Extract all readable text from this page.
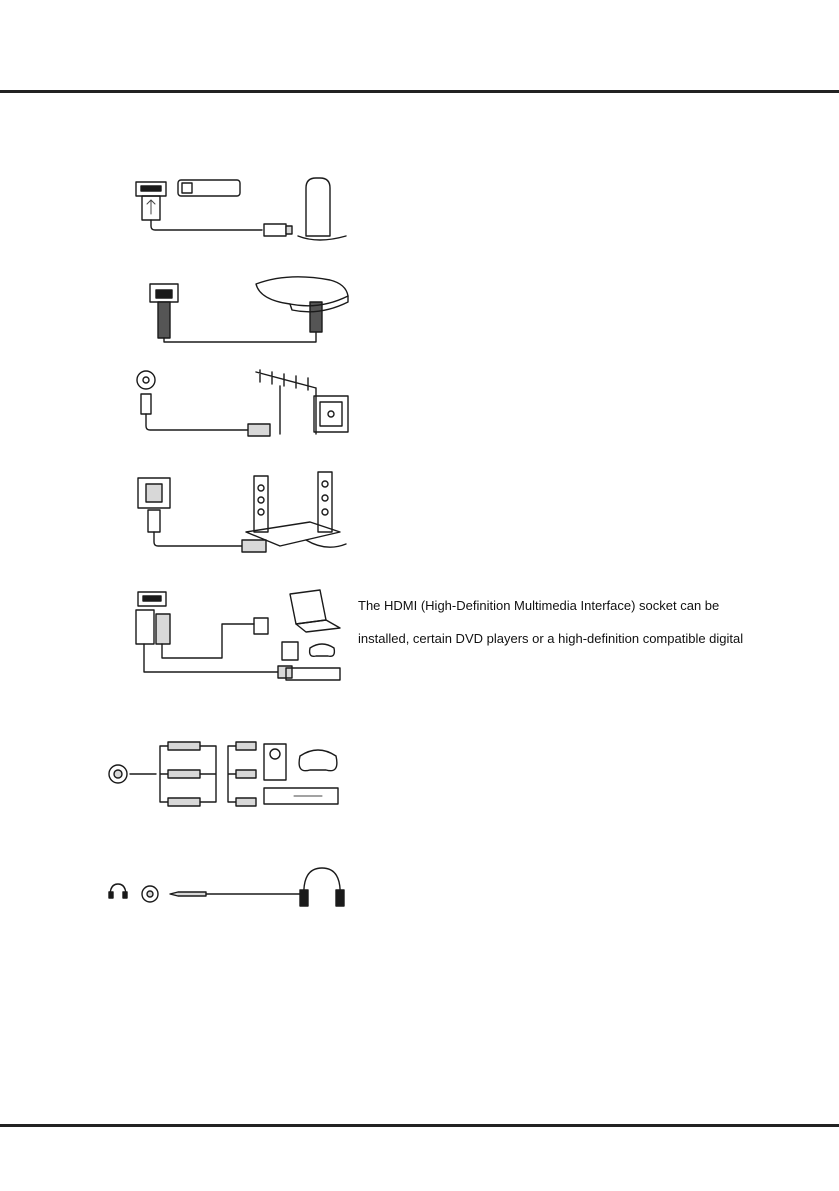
The HDMI (High-Definition Multimedia Interface) socket can be

installed, certain DVD players or a high-definition compatible digital
